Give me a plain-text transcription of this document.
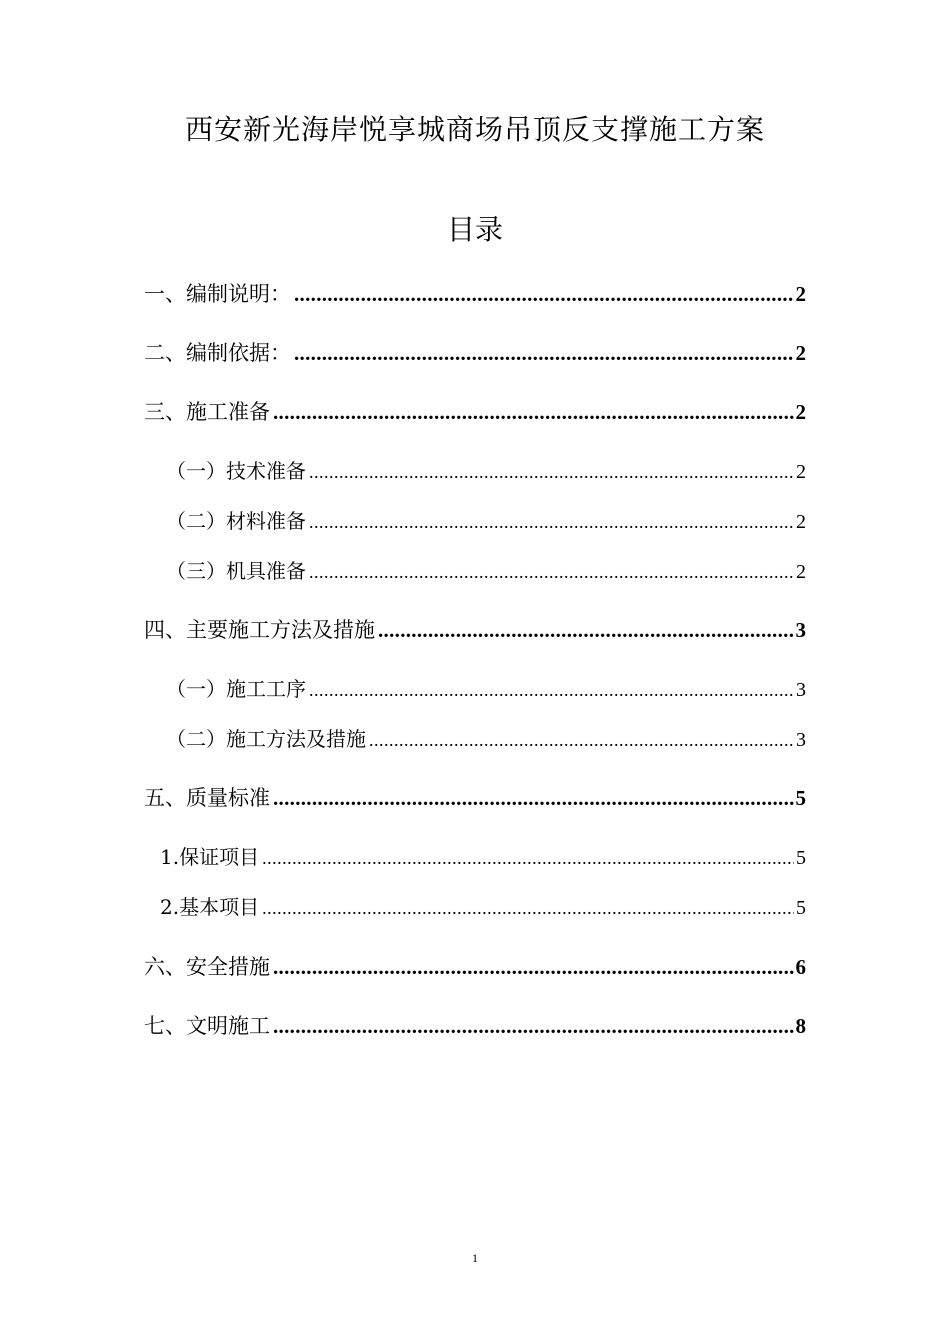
西安新光海岸悦享城商场吊顶反支撑施工方案
目录
一、编制说明： .....	2
二、编制依据： .....	2
三、施工准备 .....	2
（一）技术准备 .....	2
（二）材料准备 .....	2
（三）机具准备 .....	2
四、主要施工方法及措施 .....	3
（一）施工工序 .....	3
（二）施工方法及措施 .....	3
五、质量标准 .....	5
1.保证项目 .....	5
2.基本项目 .....	5
六、安全措施 .....	6
七、文明施工 .....	8
1
